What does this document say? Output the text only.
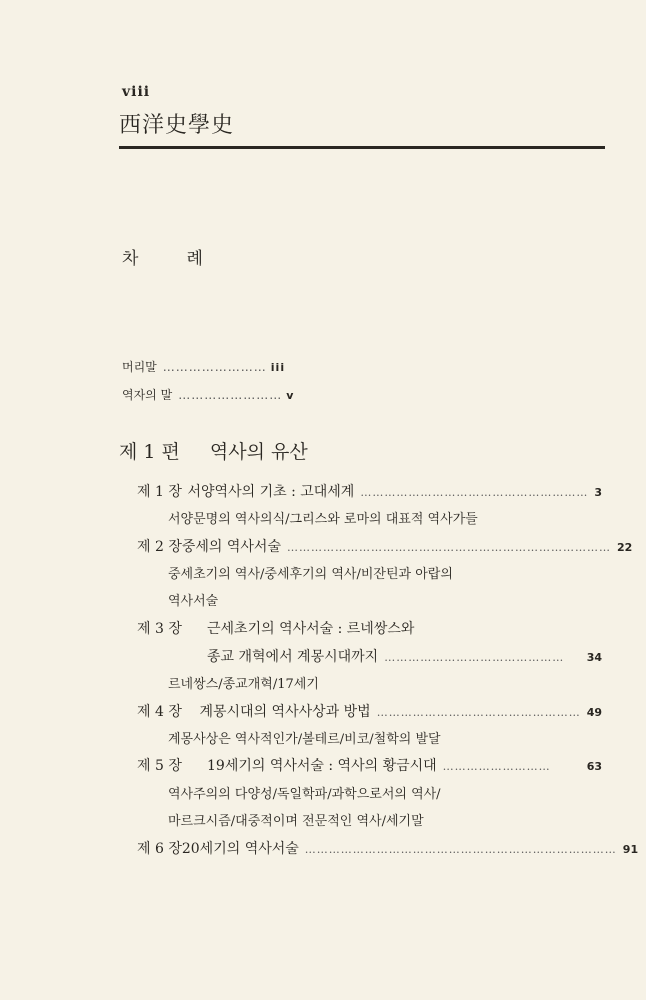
viii
西洋史學史
차	례
머리말 …………………… iii
역자의 말 …………………… v
제 1 편 역사의 유산
제 1 장 서양역사의 기초 : 고대세계 ………………………………………………… 3
서양문명의 역사의식/그리스와 로마의 대표적 역사가들
제 2 장 중세의 역사서술 ……………………………………………………………………… 22
중세초기의 역사/중세후기의 역사/비잔틴과 아랍의
역사서술
제 3 장	근세초기의 역사서술 : 르네쌍스와
종교 개혁에서 계몽시대까지 ………………………………………	34
르네쌍스/종교개혁/17세기
제 4 장	계몽시대의 역사사상과 방법 …………………………………………… 49
계몽사상은 역사적인가/볼테르/비코/철학의 발달
제 5 장	19세기의 역사서술 : 역사의 황금시대 ………………………	63
역사주의의 다양성/독일학파/과학으로서의 역사/
마르크시즘/대중적이며 전문적인 역사/세기말
제 6 장 20세기의 역사서술 …………………………………………………………………… 91
